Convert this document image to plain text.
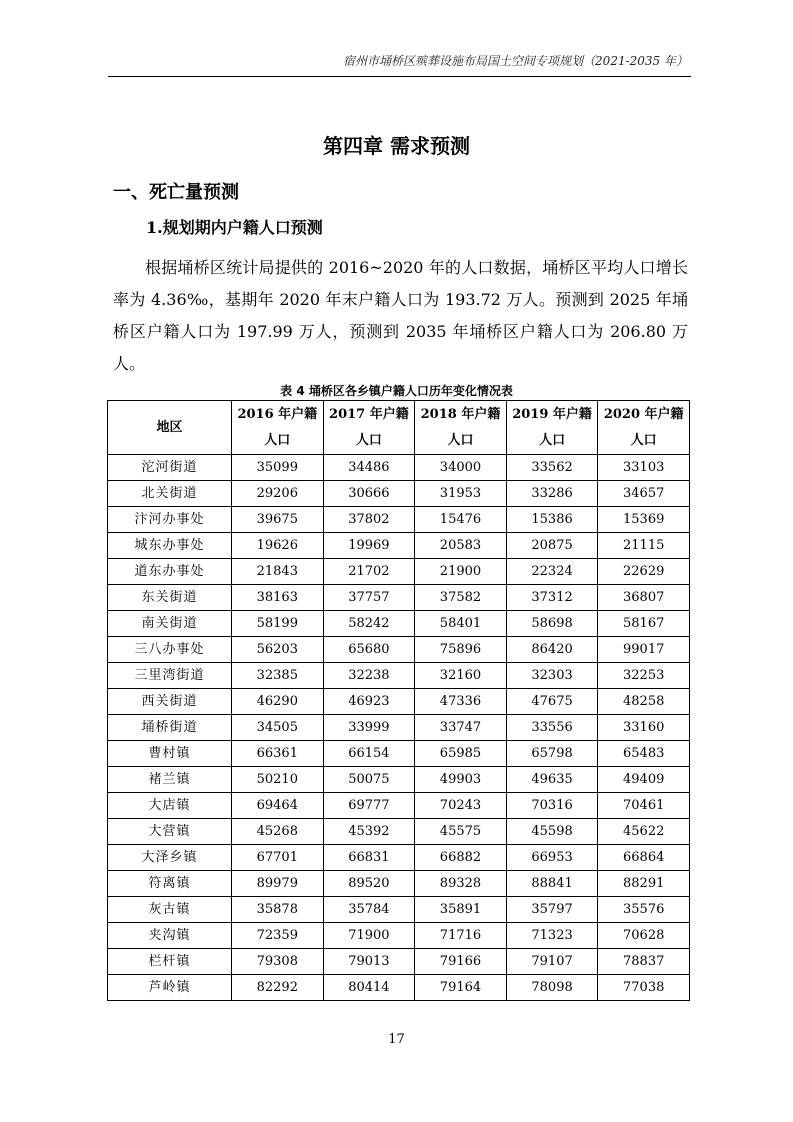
宿州市埇桥区殡葬设施布局国土空间专项规划（2021-2035 年）
第四章 需求预测
一、死亡量预测
1.规划期内户籍人口预测
根据埇桥区统计局提供的 2016~2020 年的人口数据，埇桥区平均人口增长率为 4.36‰，基期年 2020 年末户籍人口为 193.72 万人。预测到 2025 年埇桥区户籍人口为 197.99 万人，预测到 2035 年埇桥区户籍人口为 206.80 万人。
表 4 埇桥区各乡镇户籍人口历年变化情况表
地区	2016 年户籍人口	2017 年户籍人口	2018 年户籍人口	2019 年户籍人口	2020 年户籍人口
沱河街道	35099	34486	34000	33562	33103
北关街道	29206	30666	31953	33286	34657
汴河办事处	39675	37802	15476	15386	15369
城东办事处	19626	19969	20583	20875	21115
道东办事处	21843	21702	21900	22324	22629
东关街道	38163	37757	37582	37312	36807
南关街道	58199	58242	58401	58698	58167
三八办事处	56203	65680	75896	86420	99017
三里湾街道	32385	32238	32160	32303	32253
西关街道	46290	46923	47336	47675	48258
埇桥街道	34505	33999	33747	33556	33160
曹村镇	66361	66154	65985	65798	65483
褚兰镇	50210	50075	49903	49635	49409
大店镇	69464	69777	70243	70316	70461
大营镇	45268	45392	45575	45598	45622
大泽乡镇	67701	66831	66882	66953	66864
符离镇	89979	89520	89328	88841	88291
灰古镇	35878	35784	35891	35797	35576
夹沟镇	72359	71900	71716	71323	70628
栏杆镇	79308	79013	79166	79107	78837
芦岭镇	82292	80414	79164	78098	77038
17
